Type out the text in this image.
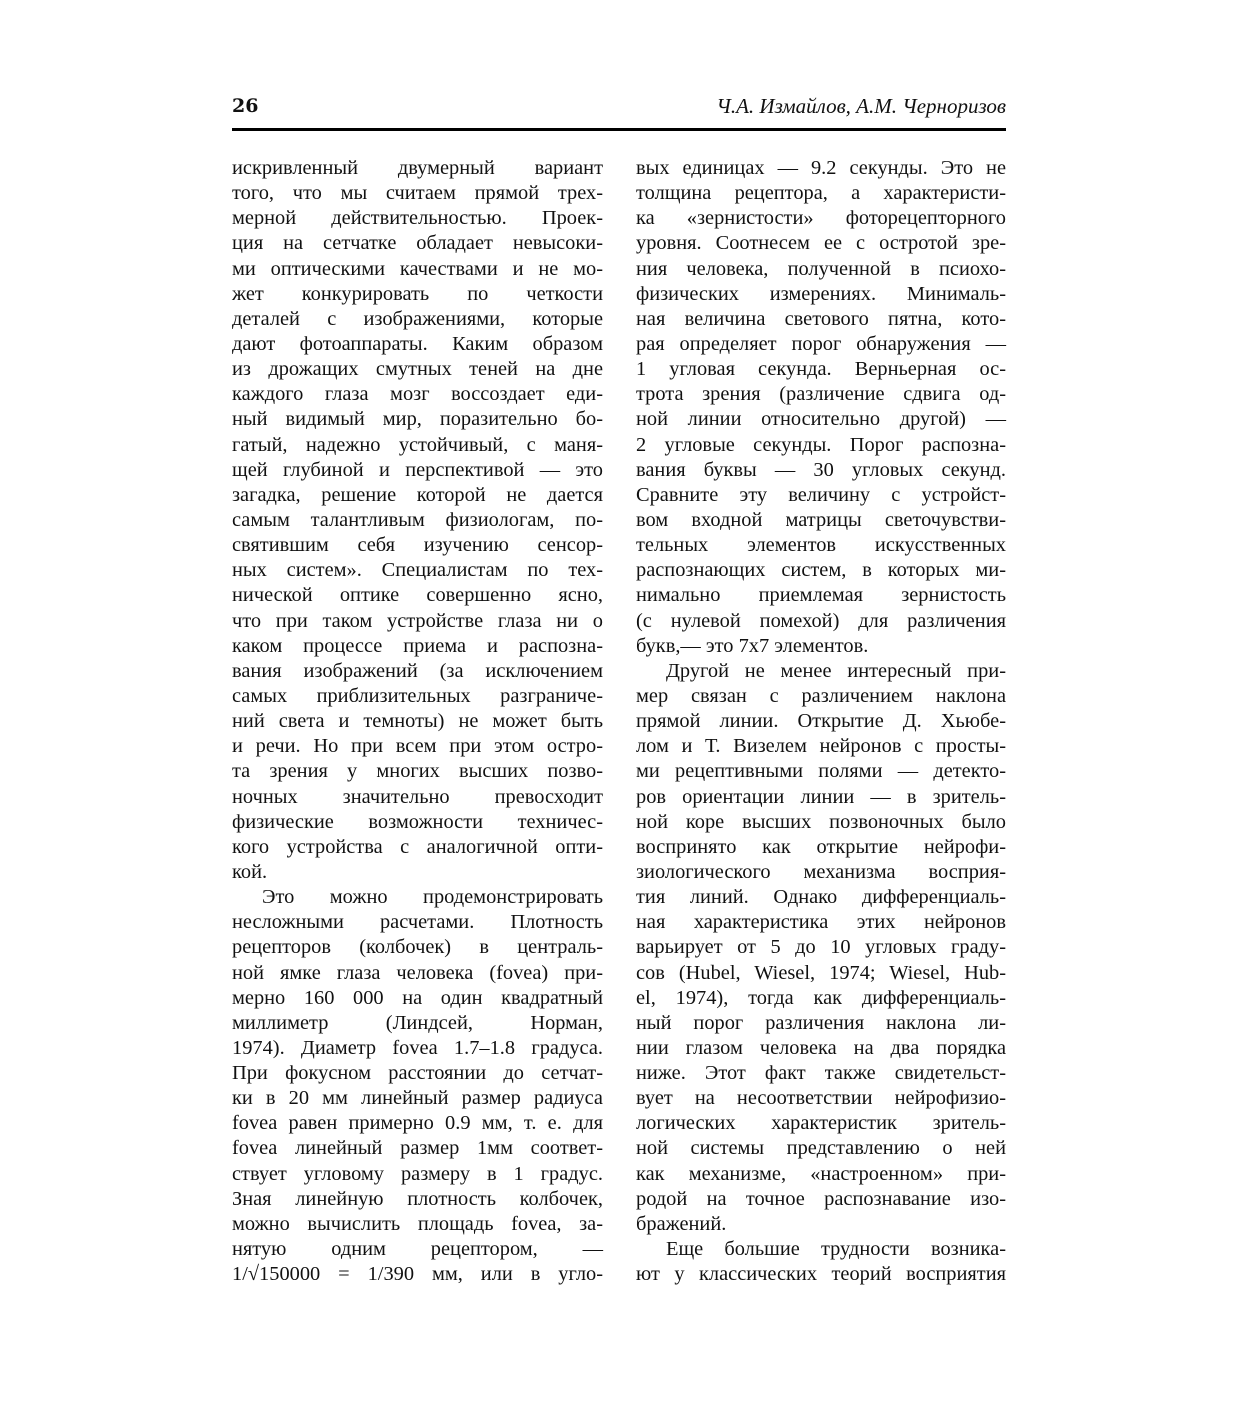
26	Ч.А. Измайлов, А.М. Черноризов
искривленный двумерный вариант
того, что мы считаем прямой трех-
мерной действительностью. Проек-
ция на сетчатке обладает невысоки-
ми оптическими качествами и не мо-
жет конкурировать по четкости
деталей с изображениями, которые
дают фотоаппараты. Каким образом
из дрожащих смутных теней на дне
каждого глаза мозг воссоздает еди-
ный видимый мир, поразительно бо-
гатый, надежно устойчивый, с маня-
щей глубиной и перспективой — это
загадка, решение которой не дается
самым талантливым физиологам, по-
святившим себя изучению сенсор-
ных систем». Специалистам по тех-
нической оптике совершенно ясно,
что при таком устройстве глаза ни о
каком процессе приема и распозна-
вания изображений (за исключением
самых приблизительных разграниче-
ний света и темноты) не может быть
и речи. Но при всем при этом остро-
та зрения у многих высших позво-
ночных значительно превосходит
физические возможности техничес-
кого устройства с аналогичной опти-
кой.
Это можно продемонстрировать
несложными расчетами. Плотность
рецепторов (колбочек) в централь-
ной ямке глаза человека (fovea) при-
мерно 160 000 на один квадратный
миллиметр (Линдсей, Норман,
1974). Диаметр fovea 1.7–1.8 градуса.
При фокусном расстоянии до сетчат-
ки в 20 мм линейный размер радиуса
fovea равен примерно 0.9 мм, т. е. для
fovea линейный размер 1мм соответ-
ствует угловому размеру в 1 градус.
Зная линейную плотность колбочек,
можно вычислить площадь fovea, за-
нятую одним рецептором, —
1/√150000 = 1/390 мм, или в угло-
вых единицах — 9.2 секунды. Это не
толщина рецептора, а характеристи-
ка «зернистости» фоторецепторного
уровня. Соотнесем ее с остротой зре-
ния человека, полученной в псиохо-
физических измерениях. Минималь-
ная величина светового пятна, кото-
рая определяет порог обнаружения —
1 угловая секунда. Верньерная ос-
трота зрения (различение сдвига од-
ной линии относительно другой) —
2 угловые секунды. Порог распозна-
вания буквы — 30 угловых секунд.
Сравните эту величину с устройст-
вом входной матрицы светочувстви-
тельных элементов искусственных
распознающих систем, в которых ми-
нимально приемлемая зернистость
(с нулевой помехой) для различения
букв,— это 7х7 элементов.
Другой не менее интересный при-
мер связан с различением наклона
прямой линии. Открытие Д. Хьюбе-
лом и Т. Визелем нейронов с просты-
ми рецептивными полями — детекто-
ров ориентации линии — в зритель-
ной коре высших позвоночных было
воспринято как открытие нейрофи-
зиологического механизма восприя-
тия линий. Однако дифференциаль-
ная характеристика этих нейронов
варьирует от 5 до 10 угловых граду-
сов (Hubel, Wiesel, 1974; Wiesel, Hub-
el, 1974), тогда как дифференциаль-
ный порог различения наклона ли-
нии глазом человека на два порядка
ниже. Этот факт также свидетельст-
вует на несоответствии нейрофизио-
логических характеристик зритель-
ной системы представлению о ней
как механизме, «настроенном» при-
родой на точное распознавание изо-
бражений.
Еще большие трудности возника-
ют у классических теорий восприятия
